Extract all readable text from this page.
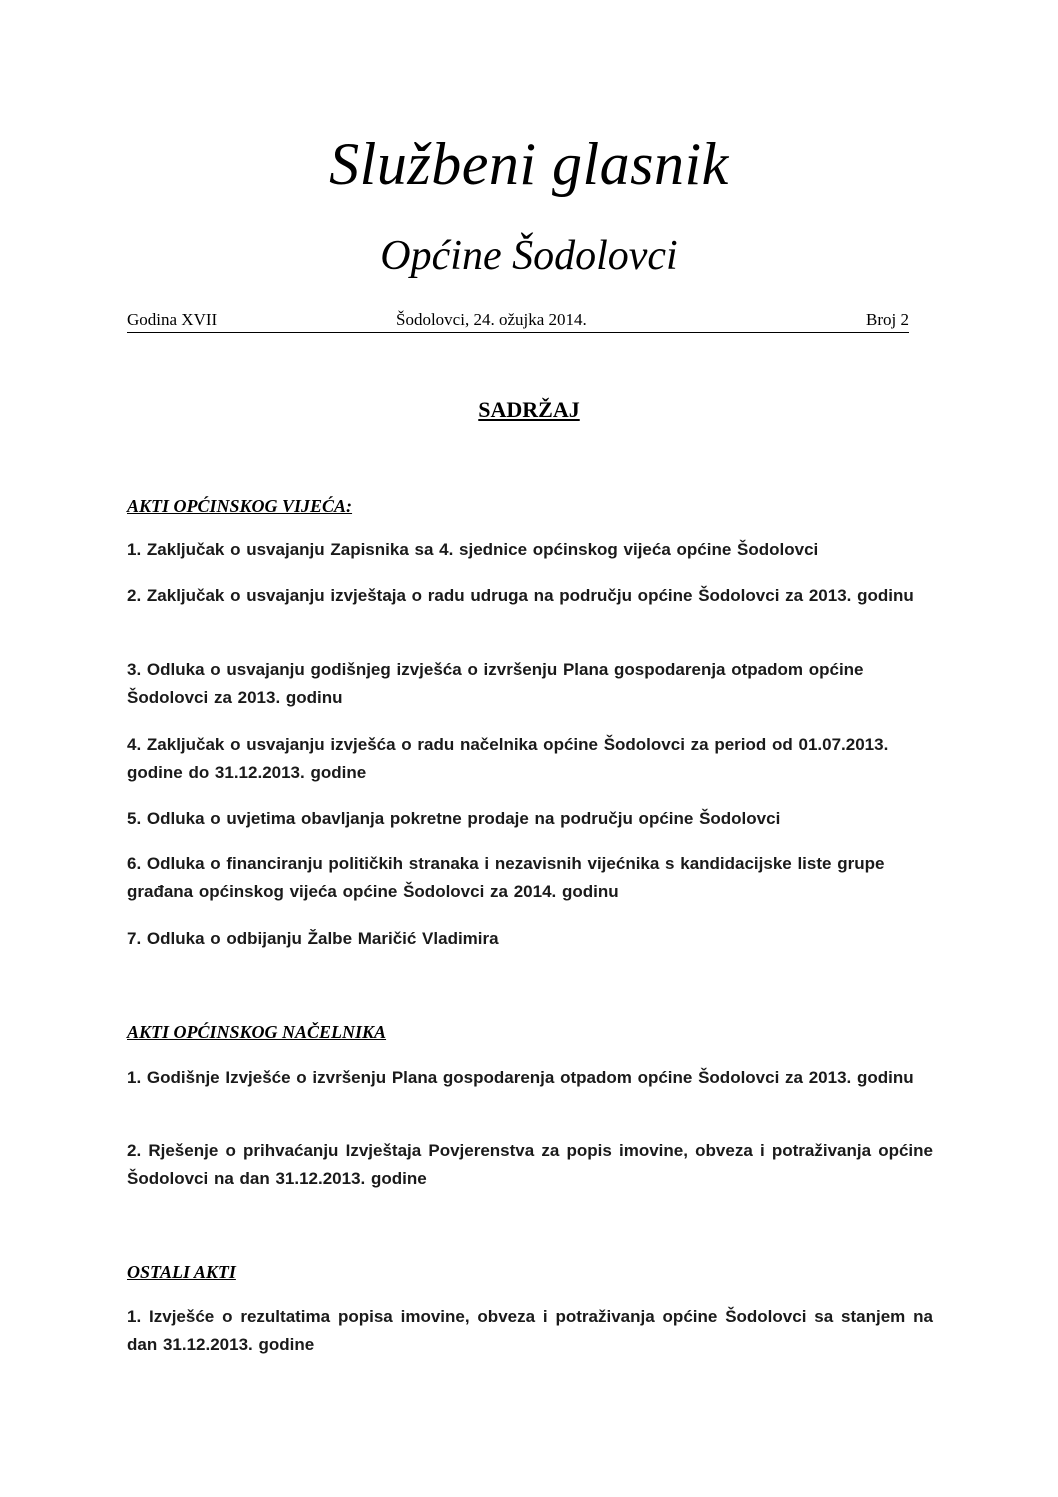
Službeni glasnik
Općine Šodolovci
Godina XVII	Šodolovci, 24. ožujka 2014.	Broj 2
SADRŽAJ
AKTI OPĆINSKOG VIJEĆA:
1. Zaključak o usvajanju Zapisnika sa 4. sjednice općinskog vijeća općine Šodolovci
2. Zaključak o usvajanju izvještaja o radu udruga na području općine Šodolovci za 2013. godinu
3. Odluka o usvajanju godišnjeg izvješća o izvršenju Plana gospodarenja otpadom općine Šodolovci za 2013. godinu
4. Zaključak o usvajanju izvješća o radu načelnika općine Šodolovci za period od 01.07.2013. godine do 31.12.2013. godine
5. Odluka o uvjetima obavljanja pokretne prodaje na području općine Šodolovci
6. Odluka o financiranju političkih stranaka i nezavisnih vijećnika s kandidacijske liste grupe građana općinskog vijeća općine Šodolovci za 2014. godinu
7. Odluka o odbijanju Žalbe Maričić Vladimira
AKTI OPĆINSKOG NAČELNIKA
1. Godišnje Izvješće o izvršenju Plana gospodarenja otpadom općine Šodolovci za 2013. godinu
2. Rješenje o prihvaćanju Izvještaja Povjerenstva za popis imovine, obveza i potraživanja općine Šodolovci na dan 31.12.2013. godine
OSTALI AKTI
1. Izvješće o rezultatima popisa imovine, obveza i potraživanja općine Šodolovci sa stanjem na dan 31.12.2013. godine
